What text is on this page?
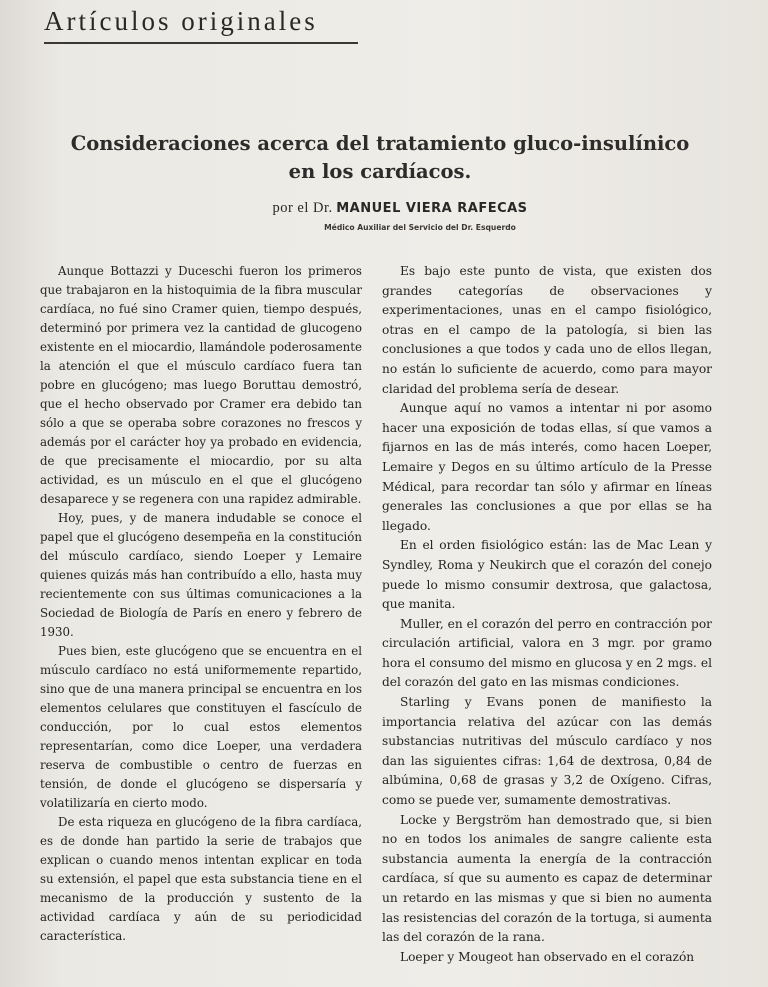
Artículos originales
Consideraciones acerca del tratamiento gluco-insulínico
en los cardíacos.
por el Dr. MANUEL VIERA RAFECAS
Médico Auxiliar del Servicio del Dr. Esquerdo

Aunque Bottazzi y Duceschi fueron los primeros que trabajaron en la histoquimia de la fibra muscular cardíaca, no fué sino Cramer quien, tiempo después, determinó por primera vez la cantidad de glucogeno existente en el miocardio, llamándole poderosamente la atención el que el músculo cardíaco fuera tan pobre en glucógeno; mas luego Boruttau demostró, que el hecho observado por Cramer era debido tan sólo a que se operaba sobre corazones no frescos y además por el carácter hoy ya probado en evidencia, de que precisamente el miocardio, por su alta actividad, es un músculo en el que el glucógeno desaparece y se regenera con una rapidez admirable.

Hoy, pues, y de manera indudable se conoce el papel que el glucógeno desempeña en la constitución del músculo cardíaco, siendo Loeper y Lemaire quienes quizás más han contribuído a ello, hasta muy recientemente con sus últimas comunicaciones a la Sociedad de Biología de París en enero y febrero de 1930.

Pues bien, este glucógeno que se encuentra en el músculo cardíaco no está uniformemente repartido, sino que de una manera principal se encuentra en los elementos celulares que constituyen el fascículo de conducción, por lo cual estos elementos representarían, como dice Loeper, una verdadera reserva de combustible o centro de fuerzas en tensión, de donde el glucógeno se dispersaría y volatilizaría en cierto modo.

De esta riqueza en glucógeno de la fibra cardíaca, es de donde han partido la serie de trabajos que explican o cuando menos intentan explicar en toda su extensión, el papel que esta substancia tiene en el mecanismo de la producción y sustento de la actividad cardíaca y aún de su periodicidad característica.

Es bajo este punto de vista, que existen dos grandes categorías de observaciones y experimentaciones, unas en el campo fisiológico, otras en el campo de la patología, si bien las conclusiones a que todos y cada uno de ellos llegan, no están lo suficiente de acuerdo, como para mayor claridad del problema sería de desear.

Aunque aquí no vamos a intentar ni por asomo hacer una exposición de todas ellas, sí que vamos a fijarnos en las de más interés, como hacen Loeper, Lemaire y Degos en su último artículo de la Presse Médical, para recordar tan sólo y afirmar en líneas generales las conclusiones a que por ellas se ha llegado.

En el orden fisiológico están: las de Mac Lean y Syndley, Roma y Neukirch que el corazón del conejo puede lo mismo consumir dextrosa, que galactosa, que manita.

Muller, en el corazón del perro en contracción por circulación artificial, valora en 3 mgr. por gramo hora el consumo del mismo en glucosa y en 2 mgs. el del corazón del gato en las mismas condiciones.

Starling y Evans ponen de manifiesto la importancia relativa del azúcar con las demás substancias nutritivas del músculo cardíaco y nos dan las siguientes cifras: 1,64 de dextrosa, 0,84 de albúmina, 0,68 de grasas y 3,2 de Oxígeno. Cifras, como se puede ver, sumamente demostrativas.

Locke y Bergström han demostrado que, si bien no en todos los animales de sangre caliente esta substancia aumenta la energía de la contracción cardíaca, sí que su aumento es capaz de determinar un retardo en las mismas y que si bien no aumenta las resistencias del corazón de la tortuga, si aumenta las del corazón de la rana.

Loeper y Mougeot han observado en el corazón
